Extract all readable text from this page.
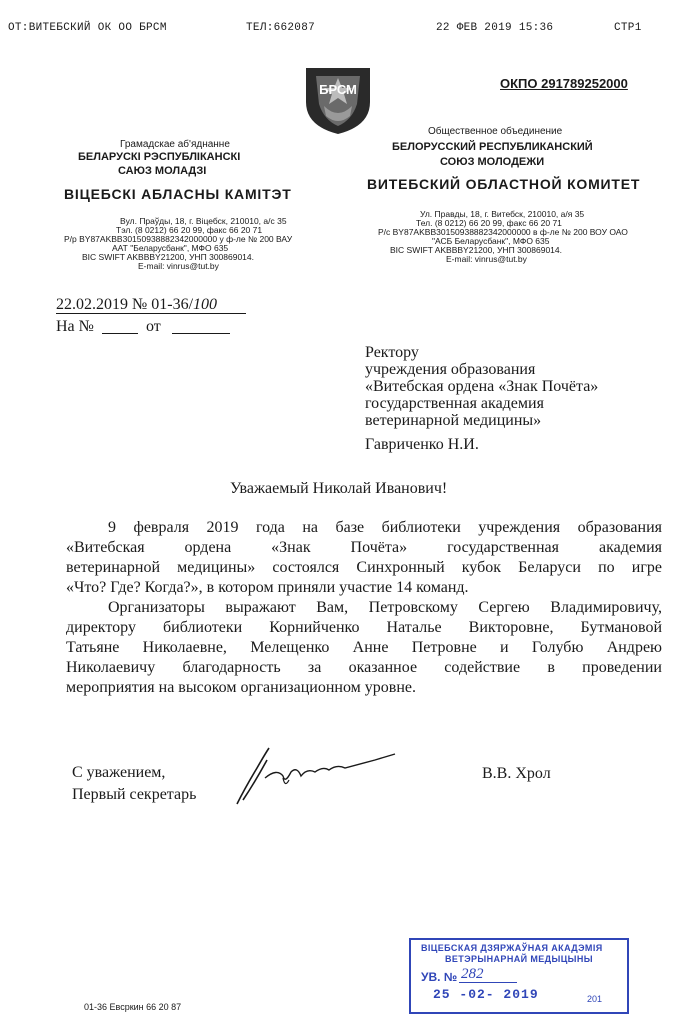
ОТ:ВИТЕБСКИЙ ОК ОО БРСМ	ТЕЛ:662087	22 ФЕВ 2019 15:36	СТР1
ОКПО 291789252000
БРСМ
Грамадскае аб'яднанне
БЕЛАРУСКІ РЭСПУБЛІКАНСКІ
САЮЗ МОЛАДЗІ
ВІЦЕБСКІ АБЛАСНЫ КАМІТЭТ
Вул. Праўды, 18, г. Віцебск, 210010, а/с 35
Тэл. (8 0212) 66 20 99, факс 66 20 71
Р/р BY87AKBB30150938882342000000 у ф-ле № 200 ВАУ
ААТ "Беларусбанк", МФО 635
BIC SWIFT AKBBBY21200, УНП 300869014.
E-mail: vinrus@tut.by
Общественное объединение
БЕЛОРУССКИЙ РЕСПУБЛИКАНСКИЙ
СОЮЗ МОЛОДЕЖИ
ВИТЕБСКИЙ ОБЛАСТНОЙ КОМИТЕТ
Ул. Правды, 18, г. Витебск, 210010, а/я 35
Тел. (8 0212) 66 20 99, факс 66 20 71
Р/с BY87AKBB30150938882342000000 в ф-ле № 200 ВОУ ОАО
"АСБ Беларусбанк", МФО 635
BIC SWIFT AKBBBY21200, УНП 300869014.
E-mail: vinrus@tut.by
22.02.2019 № 01-36/100
На №	от
Ректору
учреждения образования
«Витебская ордена «Знак Почёта»
государственная академия
ветеринарной медицины»
Гавриченко Н.И.
Уважаемый Николай Иванович!
9 февраля 2019 года на базе библиотеки учреждения образования
«Витебская ордена «Знак Почёта» государственная академия
ветеринарной медицины» состоялся Синхронный кубок Беларуси по игре
«Что? Где? Когда?», в котором приняли участие 14 команд.
Организаторы выражают Вам, Петровскому Сергею Владимировичу,
директору библиотеки Корнийченко Наталье Викторовне, Бутмановой
Татьяне Николаевне, Мелещенко Анне Петровне и Голубю Андрею
Николаевичу благодарность за оказанное содействие в проведении
мероприятия на высоком организационном уровне.
С уважением,
Первый секретарь
В.В. Хрол
ВІЦЕБСКАЯ ДЗЯРЖАЎНАЯ АКАДЭМІЯ
ВЕТЭРЫНАРНАЙ МЕДЫЦЫНЫ
УВ. № 282
25 -02- 2019	201
01-36 Евсркин 66 20 87
